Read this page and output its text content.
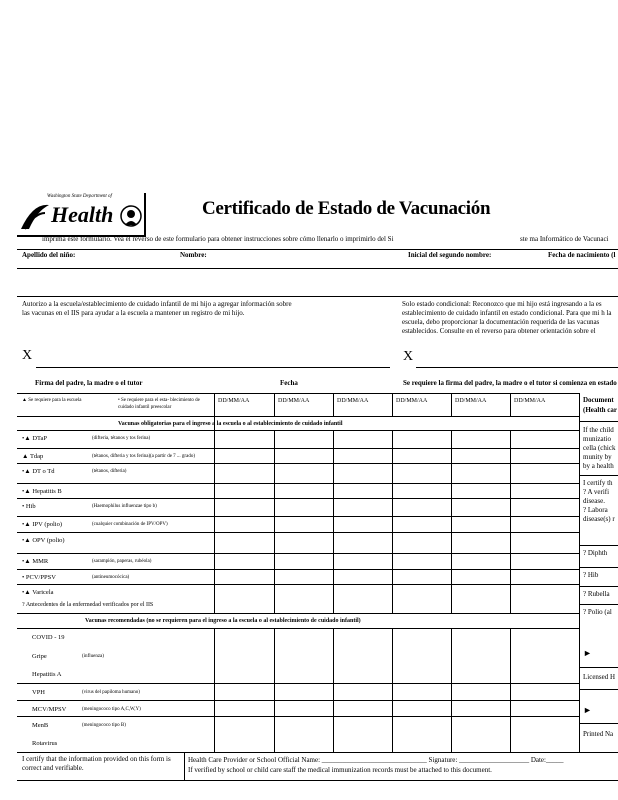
Washington State Department of
Health	Certificado de Estado de Vacunación
imprima este formulario. Vea el reverso de este formulario para obtener instrucciones sobre cómo llenarlo o imprimirlo del Si	ste ma Informático de Vacunaci
Apellido del niño:	Nombre:	Inicial del segundo nombre:	Fecha de nacimiento (l
Autorizo a la escuela/establecimiento de cuidado infantil de mi hijo a agregar información sobre las vacunas en el IIS para ayudar a la escuela a mantener un registro de mi hijo.
Solo estado condicional: Reconozco que mi hijo está ingresando a la es establecimiento de cuidado infantil en estado condicional. Para que mi h la escuela, debo proporcionar la documentación requerida de las vacunas establecidos. Consulte en el reverso para obtener orientación sobre el
X	X
Firma del padre, la madre o el tutor	Fecha	Se requiere la firma del padre, la madre o el tutor si comienza en estado
▲ Se requiere para la escuela	• Se requiere para el esta- blecimiento de cuidado infantil preescolar
DD/MM/AA	DD/MM/AA	DD/MM/AA	DD/MM/AA	DD/MM/AA	DD/MM/AA
Vacunas obligatorias para el ingreso a la escuela o al establecimiento de cuidado infantil
•▲ DTaP	(difteria, tétanos y tos ferina)
▲ Tdap	(tétanos, difteria y tos ferina) (a partir de 7 ... grado)
•▲ DT o Td	(tétanos, difteria)
•▲ Hepatitis B
• Hib	(Haemophilus influenzae tipo b)
•▲ IPV (polio)	(cualquier combinación de IPV/OPV)
•▲ OPV (polio)
•▲ MMR	(sarampión, paperas, rubéola)
• PCV/PPSV	(antineumocócica)
•▲ Varicela
? Antecedentes de la enfermedad verificados por el IIS
Vacunas recomendadas (no se requieren para el ingreso a la escuela o al establecimiento de cuidado infantil)
COVID - 19
Gripe	(influenza)
Hepatitis A
VPH	(virus del papiloma humano)
MCV/MPSV	(meningococo tipo A,C,W,Y)
MenB	(meningococo tipo B)
Rotavirus
Document
(Health car
If the child
munizatio
cella (chick
munity by
by a health
I certify th
? A verifi
disease.
? Labora
disease(s) r
? Diphth
? Hib
? Rubella
? Polio (al
►
Licensed H
►
Printed Na
I certify that the information provided on this form is correct and verifiable.
Health Care Provider or School Official Name: ______________________________ Signature: ____________________ Date:_____
If verified by school or child care staff the medical immunization records must be attached to this document.
